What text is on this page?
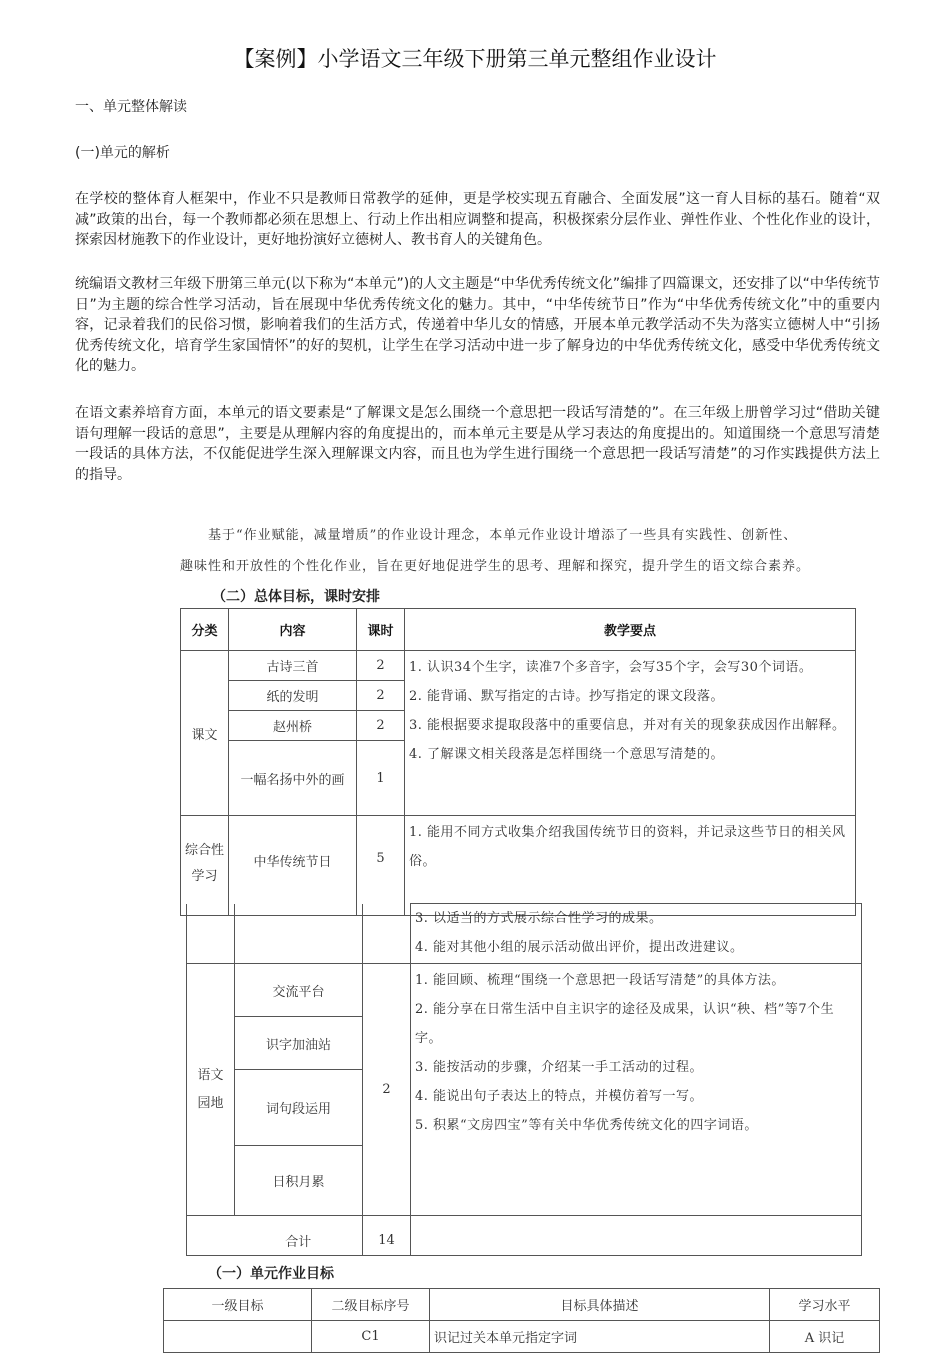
【案例】小学语文三年级下册第三单元整组作业设计
一、单元整体解读
(一)单元的解析
在学校的整体育人框架中，作业不只是教师日常教学的延伸，更是学校实现五育融合、全面发展”这一育人目标的基石。随着“双减”政策的出台，每一个教师都必须在思想上、行动上作出相应调整和提高，积极探索分层作业、弹性作业、个性化作业的设计，探索因材施教下的作业设计，更好地扮演好立德树人、教书育人的关键角色。
统编语文教材三年级下册第三单元(以下称为“本单元”)的人文主题是“中华优秀传统文化”编排了四篇课文，还安排了以“中华传统节日”为主题的综合性学习活动，旨在展现中华优秀传统文化的魅力。其中，“中华传统节日”作为“中华优秀传统文化”中的重要内容，记录着我们的民俗习惯，影响着我们的生活方式，传递着中华儿女的情感，开展本单元教学活动不失为落实立德树人中“引扬优秀传统文化，培育学生家国情怀”的好的契机，让学生在学习活动中进一步了解身边的中华优秀传统文化，感受中华优秀传统文化的魅力。
在语文素养培育方面，本单元的语文要素是“了解课文是怎么围绕一个意思把一段话写清楚的”。在三年级上册曾学习过“借助关键语句理解一段话的意思”，主要是从理解内容的角度提出的，而本单元主要是从学习表达的角度提出的。知道围绕一个意思写清楚一段话的具体方法，不仅能促进学生深入理解课文内容，而且也为学生进行围绕一个意思把一段话写清楚”的习作实践提供方法上的指导。

基于“作业赋能，减量增质”的作业设计理念，本单元作业设计增添了一些具有实践性、创新性、

趣味性和开放性的个性化作业，旨在更好地促进学生的思考、理解和探究，提升学生的语文综合素养。

（二）总体目标，课时安排
分类	内容	课时	教学要点
课文	古诗三首	2	1. 认识34个生字，读准7个多音字，会写35个字，会写30个词语。
2. 能背诵、默写指定的古诗。抄写指定的课文段落。
3. 能根据要求提取段落中的重要信息，并对有关的现象获成因作出解释。
4. 了解课文相关段落是怎样围绕一个意思写清楚的。

	纸的发明	2	
	赵州桥	2	
	一幅名扬中外的画	1	
综合性学习	中华传统节日	5	1. 能用不同方式收集介绍我国传统节日的资料，并记录这些节日的相关风俗。

			3. 以适当的方式展示综合性学习的成果。
4. 能对其他小组的展示活动做出评价，提出改进建议。

语文园地	交流平台	2	1. 能回顾、梳理“围绕一个意思把一段话写清楚”的具体方法。
2. 能分享在日常生活中自主识字的途径及成果，认识“秧、档”等7个生字。
3. 能按活动的步骤，介绍某一手工活动的过程。
4. 能说出句子表达上的特点，并模仿着写一写。
5. 积累“文房四宝”等有关中华优秀传统文化的四字词语。

	识字加油站		
	词句段运用		
	日积月累		
	合计	14	
（一）单元作业目标
一级目标	二级目标序号	目标具体描述	学习水平
	C1	识记过关本单元指定字词	A 识记
